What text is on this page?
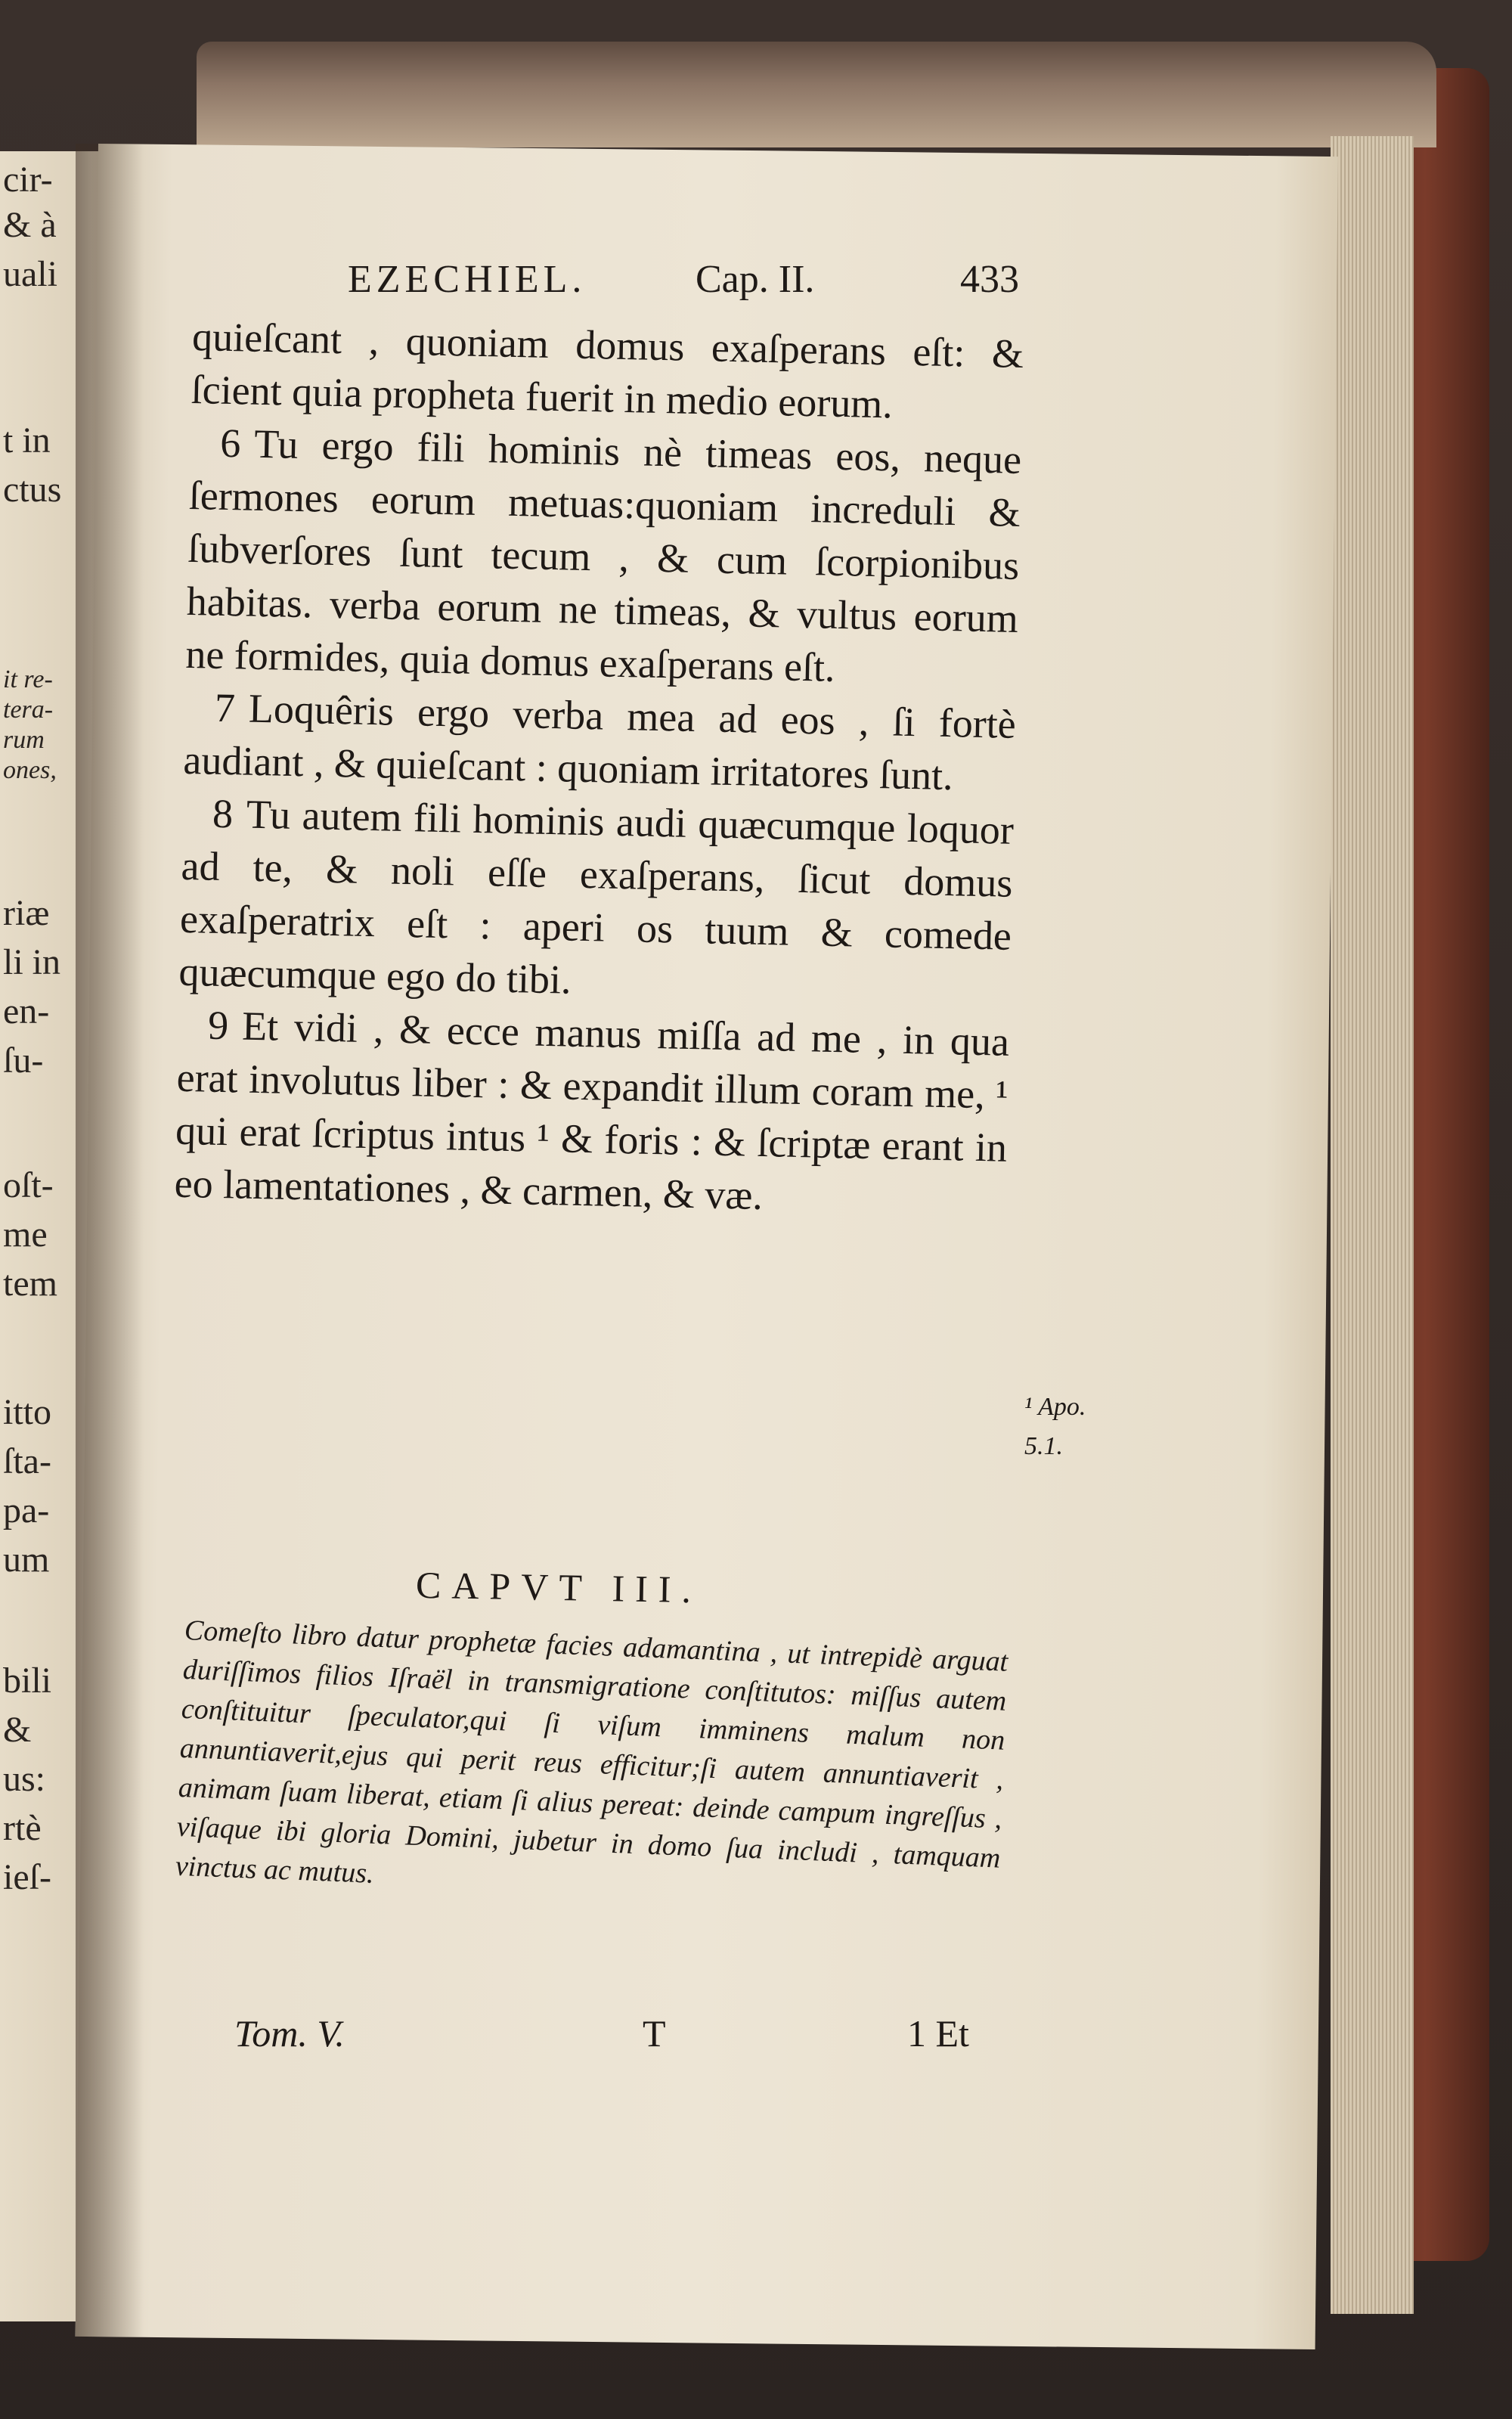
cir-
& à
uali
t in
ctus
it re-
tera-
rum
ones,
riæ
li in
en-
ſu-
oſt-
me
tem
itto
ſta-
pa-
um
bili
&
us:
rtè
ieſ-
EZECHIEL.	Cap. II.	433

quieſcant , quoniam domus exaſperans eſt: & ſcient quia propheta fuerit in medio eorum.

6 Tu ergo fili hominis nè timeas eos, neque ſermones eorum metuas:quoniam increduli & ſubverſores ſunt tecum , & cum ſcorpionibus habitas. verba eorum ne timeas, & vultus eorum ne formides, quia domus exaſperans eſt.

7 Loquêris ergo verba mea ad eos , ſi fortè audiant , & quieſcant : quoniam irritatores ſunt.

8 Tu autem fili hominis audi quæcumque loquor ad te, & noli eſſe exaſperans, ſicut domus exaſperatrix eſt : aperi os tuum & comede quæcumque ego do tibi.

9 Et vidi , & ecce manus miſſa ad me , in qua erat involutus liber : & expandit illum coram me, ¹ qui erat ſcriptus intus ¹ & foris : & ſcriptæ erant in eo lamentationes , & carmen, & væ.

¹ Apo.
5.1.
CAPVT III.

Comeſto libro datur prophetæ facies adamantina , ut intrepidè arguat duriſſimos filios Iſraël in transmigratione conſtitutos: miſſus autem conſtituitur ſpeculator,qui ſi viſum imminens malum non annuntiaverit,ejus qui perit reus efficitur;ſi autem annuntiaverit , animam ſuam liberat, etiam ſi alius pereat: deinde campum ingreſſus , viſaque ibi gloria Domini, jubetur in domo ſua includi , tamquam vinctus ac mutus.

Tom. V.	T	1 Et
